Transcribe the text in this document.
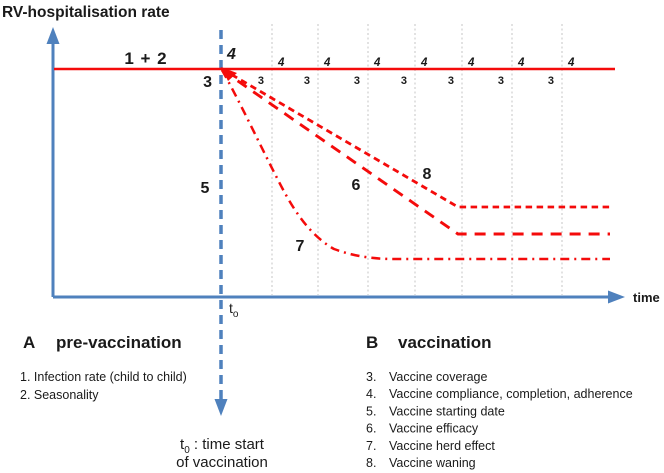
RV-hospitalisation rate
3
4
3
4
3
4
3
4
3
4
3
4
3
4
time
1 + 2
3
4
5	6
7
8
$t_o$
A pre-vaccination
1. Infection rate (child to child)
2. Seasonality
B vaccination
3. Vaccine coverage
4. Vaccine compliance, completion, adherence
5. Vaccine starting date
6. Vaccine efficacy
7. Vaccine herd effect
8. Vaccine waning
$t_0$ : time start
of vaccination
